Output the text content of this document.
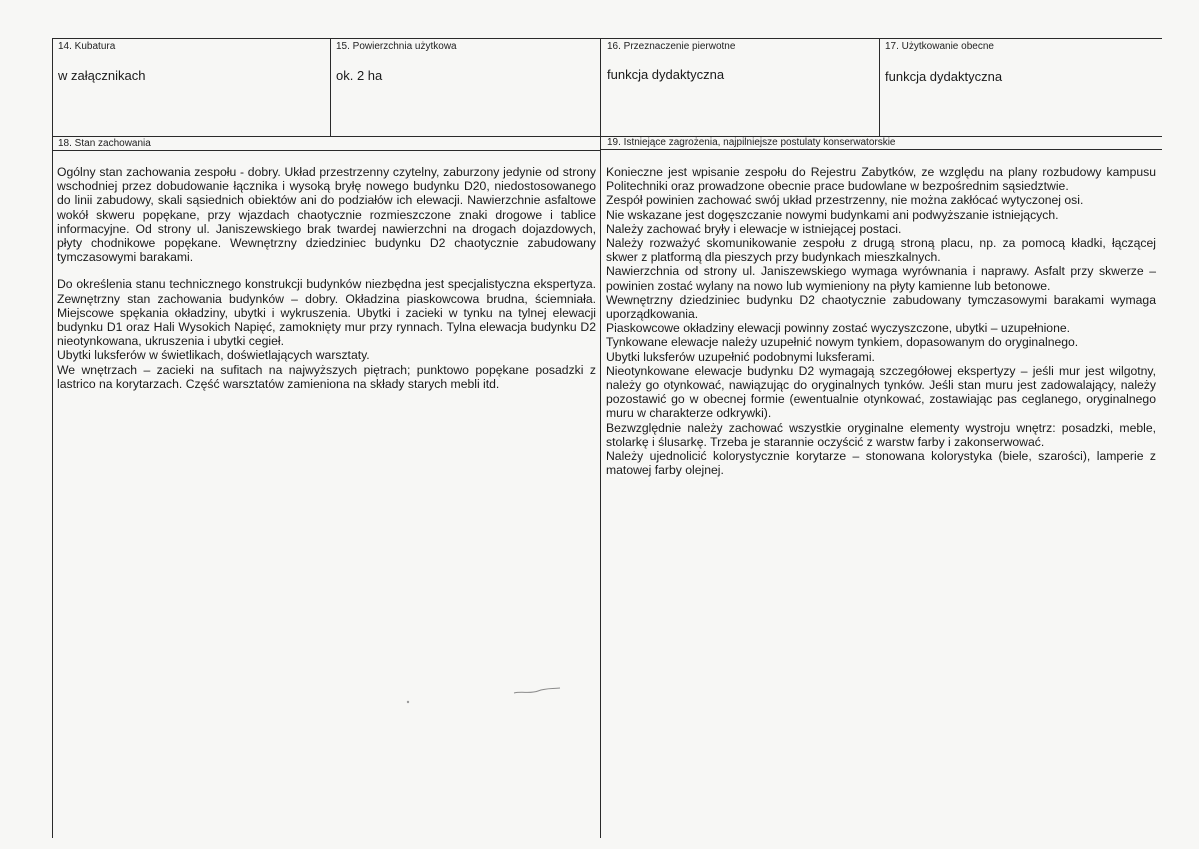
14. Kubatura
w załącznikach
15. Powierzchnia użytkowa
ok. 2 ha
16. Przeznaczenie pierwotne
funkcja dydaktyczna
17. Użytkowanie obecne
funkcja dydaktyczna
18. Stan zachowania

Ogólny stan zachowania zespołu - dobry. Układ przestrzenny czytelny, zaburzony jedynie od strony wschodniej przez dobudowanie łącznika i wysoką bryłę nowego budynku D20, niedostosowanego do linii zabudowy, skali sąsiednich obiektów ani do podziałów ich elewacji. Nawierzchnie asfaltowe wokół skweru popękane, przy wjazdach chaotycznie rozmieszczone znaki drogowe i tablice informacyjne. Od strony ul. Janiszewskiego brak twardej nawierzchni na drogach dojazdowych, płyty chodnikowe popękane. Wewnętrzny dziedziniec budynku D2 chaotycznie zabudowany tymczasowymi barakami.

Do określenia stanu technicznego konstrukcji budynków niezbędna jest specjalistyczna ekspertyza. Zewnętrzny stan zachowania budynków – dobry. Okładzina piaskowcowa brudna, ściemniała. Miejscowe spękania okładziny, ubytki i wykruszenia. Ubytki i zacieki w tynku na tylnej elewacji budynku D1 oraz Hali Wysokich Napięć, zamoknięty mur przy rynnach. Tylna elewacja budynku D2 nieotynkowana, ukruszenia i ubytki cegieł.

Ubytki luksferów w świetlikach, doświetlających warsztaty.

We wnętrzach – zacieki na sufitach na najwyższych piętrach; punktowo popękane posadzki z lastrico na korytarzach. Część warsztatów zamieniona na składy starych mebli itd.

19. Istniejące zagrożenia, najpilniejsze postulaty konserwatorskie

Konieczne jest wpisanie zespołu do Rejestru Zabytków, ze względu na plany rozbudowy kampusu Politechniki oraz prowadzone obecnie prace budowlane w bezpośrednim sąsiedztwie.

Zespół powinien zachować swój układ przestrzenny, nie można zakłócać wytyczonej osi.

Nie wskazane jest dogęszczanie nowymi budynkami ani podwyższanie istniejących.

Należy zachować bryły i elewacje w istniejącej postaci.

Należy rozważyć skomunikowanie zespołu z drugą stroną placu, np. za pomocą kładki, łączącej skwer z platformą dla pieszych przy budynkach mieszkalnych.

Nawierzchnia od strony ul. Janiszewskiego wymaga wyrównania i naprawy. Asfalt przy skwerze – powinien zostać wylany na nowo lub wymieniony na płyty kamienne lub betonowe.

Wewnętrzny dziedziniec budynku D2 chaotycznie zabudowany tymczasowymi barakami wymaga uporządkowania.

Piaskowcowe okładziny elewacji powinny zostać wyczyszczone, ubytki – uzupełnione.

Tynkowane elewacje należy uzupełnić nowym tynkiem, dopasowanym do oryginalnego.

Ubytki luksferów uzupełnić podobnymi luksferami.

Nieotynkowane elewacje budynku D2 wymagają szczegółowej ekspertyzy – jeśli mur jest wilgotny, należy go otynkować, nawiązując do oryginalnych tynków. Jeśli stan muru jest zadowalający, należy pozostawić go w obecnej formie (ewentualnie otynkować, zostawiając pas ceglanego, oryginalnego muru w charakterze odkrywki).

Bezwzględnie należy zachować wszystkie oryginalne elementy wystroju wnętrz: posadzki, meble, stolarkę i ślusarkę. Trzeba je starannie oczyścić z warstw farby i zakonserwować.

Należy ujednolicić kolorystycznie korytarze – stonowana kolorystyka (biele, szarości), lamperie z matowej farby olejnej.
